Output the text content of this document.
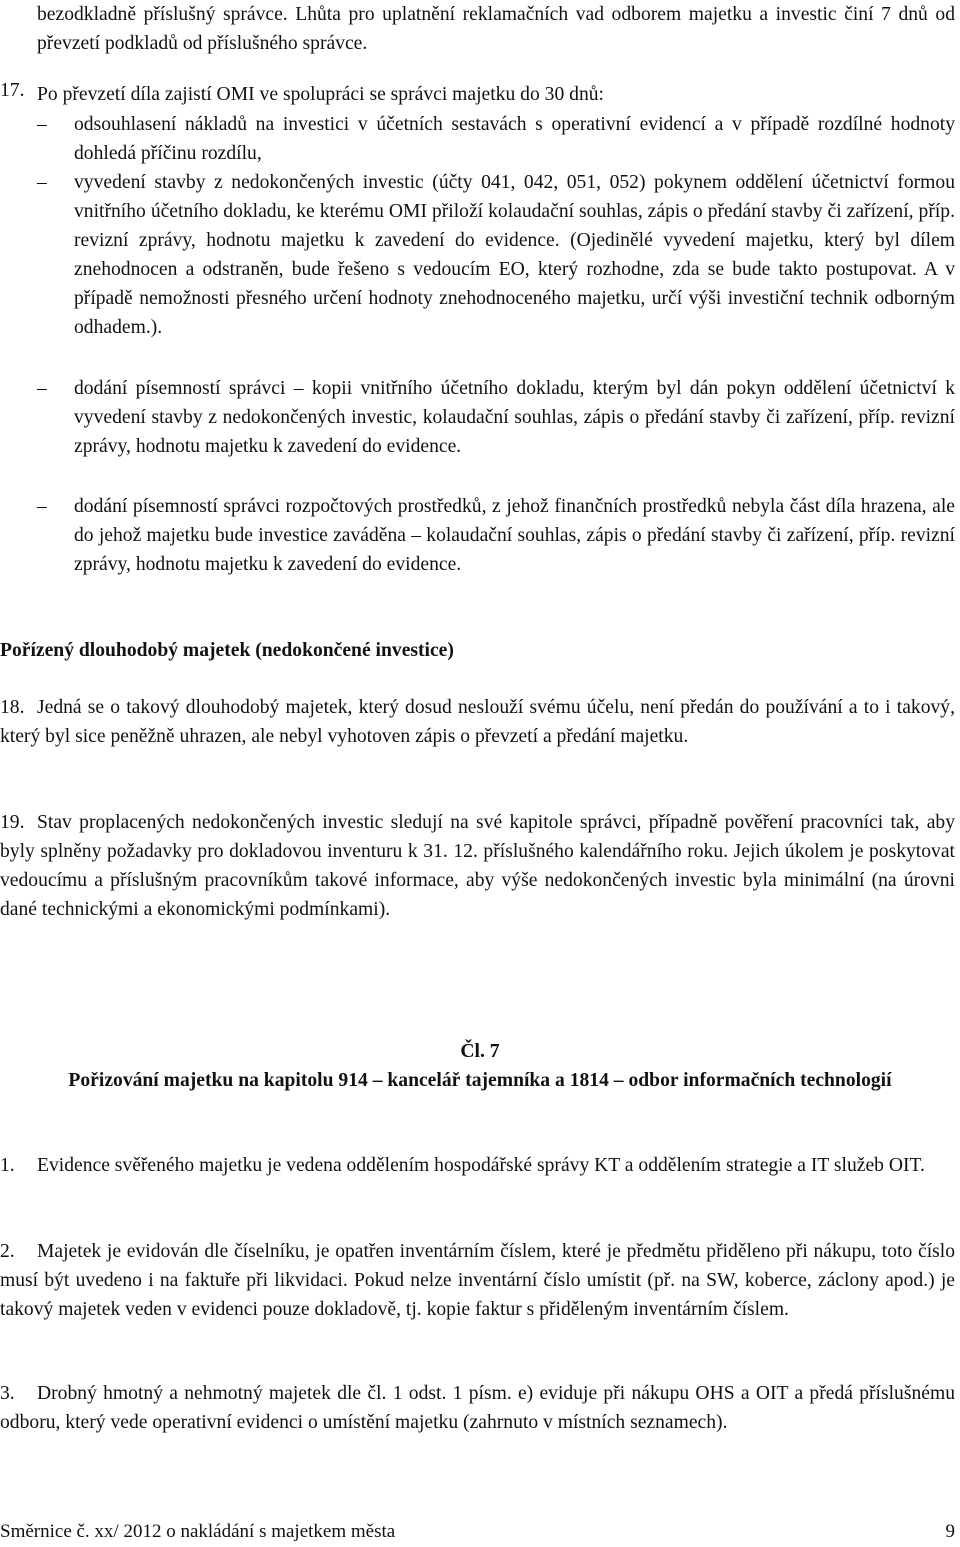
bezodkladně příslušný správce. Lhůta pro uplatnění reklamačních vad odborem majetku a investic činí 7 dnů od převzetí podkladů od příslušného správce.

17. Po převzetí díla zajistí OMI ve spolupráci se správci majetku do 30 dnů:

– odsouhlasení nákladů na investici v účetních sestavách s operativní evidencí a v případě rozdílné hodnoty dohledá příčinu rozdílu,

– vyvedení stavby z nedokončených investic (účty 041, 042, 051, 052) pokynem oddělení účetnictví formou vnitřního účetního dokladu, ke kterému OMI přiloží kolaudační souhlas, zápis o předání stavby či zařízení, příp. revizní zprávy, hodnotu majetku k zavedení do evidence. (Ojedinělé vyvedení majetku, který byl dílem znehodnocen a odstraněn, bude řešeno s vedoucím EO, který rozhodne, zda se bude takto postupovat. A v případě nemožnosti přesného určení hodnoty znehodnoceného majetku, určí výši investiční technik odborným odhadem.).

– dodání písemností správci – kopii vnitřního účetního dokladu, kterým byl dán pokyn oddělení účetnictví k vyvedení stavby z nedokončených investic, kolaudační souhlas, zápis o předání stavby či zařízení, příp. revizní zprávy, hodnotu majetku k zavedení do evidence.

– dodání písemností správci rozpočtových prostředků, z jehož finančních prostředků nebyla část díla hrazena, ale do jehož majetku bude investice zaváděna – kolaudační souhlas, zápis o předání stavby či zařízení, příp. revizní zprávy, hodnotu majetku k zavedení do evidence.

Pořízený dlouhodobý majetek (nedokončené investice)
18. Jedná se o takový dlouhodobý majetek, který dosud neslouží svému účelu, není předán do používání a to i takový, který byl sice peněžně uhrazen, ale nebyl vyhotoven zápis o převzetí a předání majetku.

19. Stav proplacených nedokončených investic sledují na své kapitole správci, případně pověření pracovníci tak, aby byly splněny požadavky pro dokladovou inventuru k 31. 12. příslušného kalendářního roku. Jejich úkolem je poskytovat vedoucímu a příslušným pracovníkům takové informace, aby výše nedokončených investic byla minimální (na úrovni dané technickými a ekonomickými podmínkami).

Čl. 7
Pořizování majetku na kapitolu 914 – kancelář tajemníka a 1814 – odbor informačních technologií
1.	Evidence svěřeného majetku je vedena oddělením hospodářské správy KT a oddělením strategie a IT služeb OIT.

2.	Majetek je evidován dle číselníku, je opatřen inventárním číslem, které je předmětu přiděleno při nákupu, toto číslo musí být uvedeno i na faktuře při likvidaci. Pokud nelze inventární číslo umístit (př. na SW, koberce, záclony apod.) je takový majetek veden v evidenci pouze dokladově, tj. kopie faktur s přiděleným inventárním číslem.

3.	Drobný hmotný a nehmotný majetek dle čl. 1 odst. 1 písm. e) eviduje při nákupu OHS a OIT a předá příslušnému odboru, který vede operativní evidenci o umístění majetku (zahrnuto v místních seznamech).

Směrnice č. xx/ 2012 o nakládání s majetkem města	9
